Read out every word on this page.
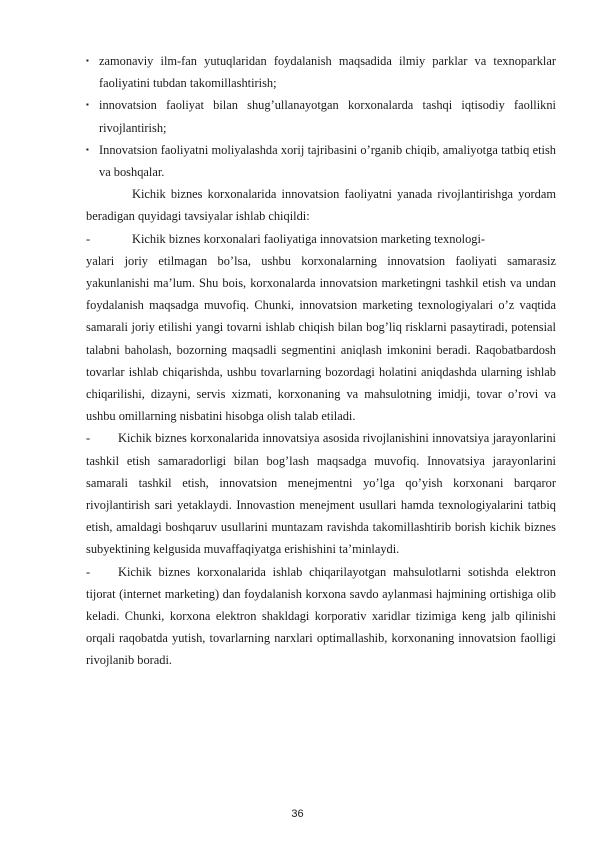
▪ zamonaviy ilm-fan yutuqlaridan foydalanish maqsadida ilmiy parklar va texnoparklar faoliyatini tubdan takomillashtirish;
▪ innovatsion faoliyat bilan shug’ullanayotgan korxonalarda tashqi iqtisodiy faollikni rivojlantirish;
▪ Innovatsion faoliyatni moliyalashda xorij tajribasini o’rganib chiqib, amaliyotga tatbiq etish va boshqalar.

Kichik biznes korxonalarida innovatsion faoliyatni yanada rivojlantirishga yordam beradigan quyidagi tavsiyalar ishlab chiqildi:

-	Kichik biznes korxonalari faoliyatiga innovatsion marketing texnologi-

yalari joriy etilmagan bo’lsa, ushbu korxonalarning innovatsion faoliyati samarasiz yakunlanishi ma’lum. Shu bois, korxonalarda innovatsion marketingni tashkil etish va undan foydalanish maqsadga muvofiq. Chunki, innovatsion marketing texnologiyalari o’z vaqtida samarali joriy etilishi yangi tovarni ishlab chiqish bilan bog’liq risklarni pasaytiradi, potensial talabni baholash, bozorning maqsadli segmentini aniqlash imkonini beradi. Raqobatbardosh tovarlar ishlab chiqarishda, ushbu tovarlarning bozordagi holatini aniqdashda ularning ishlab chiqarilishi, dizayni, servis xizmati, korxonaning va mahsulotning imidji, tovar o’rovi va ushbu omillarning nisbatini hisobga olish talab etiladi.

- Kichik biznes korxonalarida innovatsiya asosida rivojlanishini innovatsiya jarayonlarini tashkil etish samaradorligi bilan bog’lash maqsadga muvofiq. Innovatsiya jarayonlarini samarali tashkil etish, innovatsion menejmentni yo’lga qo’yish korxonani barqaror rivojlantirish sari yetaklaydi. Innovastion menejment usullari hamda texnologiyalarini tatbiq etish, amaldagi boshqaruv usullarini muntazam ravishda takomillashtirib borish kichik biznes subyektining kelgusida muvaffaqiyatga erishishini ta’minlaydi.

- Kichik biznes korxonalarida ishlab chiqarilayotgan mahsulotlarni sotishda elektron tijorat (internet marketing) dan foydalanish korxona savdo aylanmasi hajmining ortishiga olib keladi. Chunki, korxona elektron shakldagi korporativ xaridlar tizimiga keng jalb qilinishi orqali raqobatda yutish, tovarlarning narxlari optimallashib, korxonaning innovatsion faolligi rivojlanib boradi.

36
